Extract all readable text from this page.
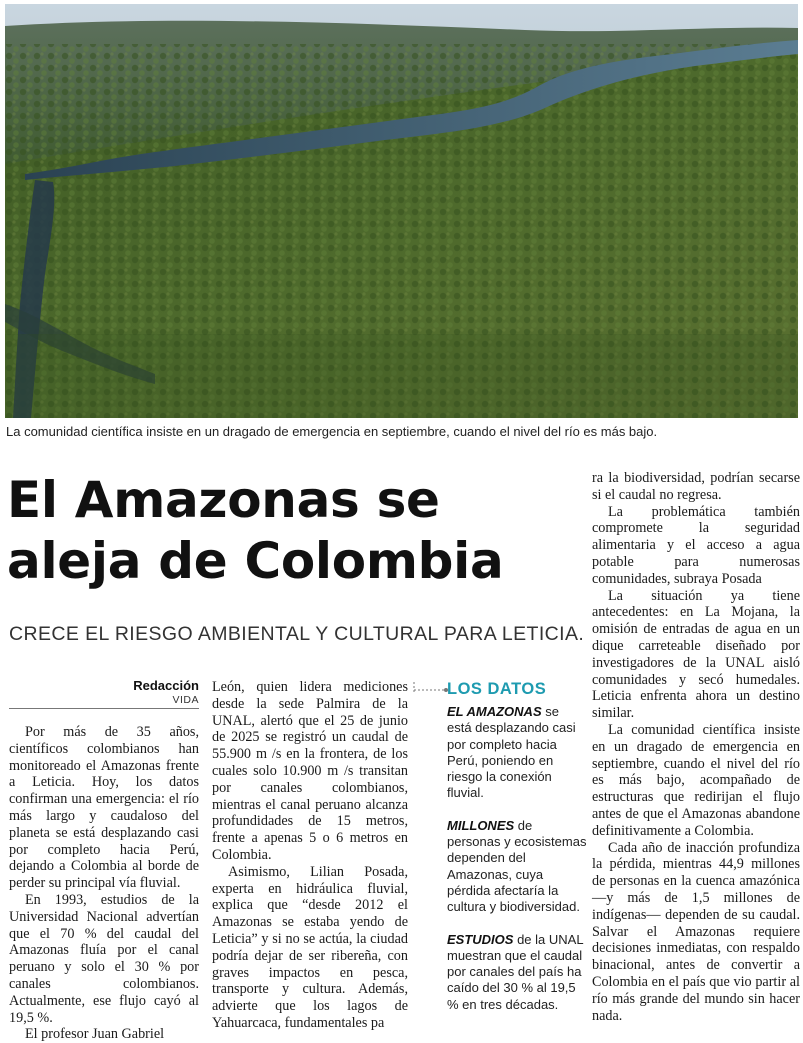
La comunidad científica insiste en un dragado de emergencia en septiembre, cuando el nivel del río es más bajo.
El Amazonas se
aleja de Colombia
CRECE EL RIESGO AMBIENTAL Y CULTURAL PARA LETICIA.
Redacción
VIDA

Por más de 35 años, científicos colombianos han monitoreado el Amazonas frente a Leticia. Hoy, los datos confirman una emergencia: el río más largo y caudaloso del planeta se está desplazando casi por completo hacia Perú, dejando a Colombia al borde de perder su principal vía fluvial.

En 1993, estudios de la Universidad Nacional advertían que el 70 % del caudal del Amazonas fluía por el canal peruano y solo el 30 % por canales colombianos. Actualmente, ese flujo cayó al 19,5 %.

El profesor Juan Gabriel

León, quien lidera mediciones desde la sede Palmira de la UNAL, alertó que el 25 de junio de 2025 se registró un caudal de 55.900 m /s en la frontera, de los cuales solo 10.900 m /s transitan por canales colombianos, mientras el canal peruano alcanza profundidades de 15 metros, frente a apenas 5 o 6 metros en Colombia.

Asimismo, Lilian Posada, experta en hidráulica fluvial, explica que “desde 2012 el Amazonas se estaba yendo de Leticia” y si no se actúa, la ciudad podría dejar de ser ribereña, con graves impactos en pesca, transporte y cultura. Además, advierte que los lagos de Yahuarcaca, fundamentales pa

LOS DATOS

EL AMAZONAS se está desplazando casi por completo hacia Perú, poniendo en riesgo la conexión fluvial.

MILLONES de personas y ecosistemas dependen del Amazonas, cuya pérdida afectaría la cultura y biodiversidad.

ESTUDIOS de la UNAL muestran que el caudal por canales del país ha caído del 30 % al 19,5 % en tres décadas.

ra la biodiversidad, podrían secarse si el caudal no regresa.

La problemática también compromete la seguridad alimentaria y el acceso a agua potable para numerosas comunidades, subraya Posada

La situación ya tiene antecedentes: en La Mojana, la omisión de entradas de agua en un dique carreteable diseñado por investigadores de la UNAL aisló comunidades y secó humedales. Leticia enfrenta ahora un destino similar.

La comunidad científica insiste en un dragado de emergencia en septiembre, cuando el nivel del río es más bajo, acompañado de estructuras que redirijan el flujo antes de que el Amazonas abandone definitivamente a Colombia.

Cada año de inacción profundiza la pérdida, mientras 44,9 millones de personas en la cuenca amazónica —y más de 1,5 millones de indígenas— dependen de su caudal. Salvar el Amazonas requiere decisiones inmediatas, con respaldo binacional, antes de convertir a Colombia en el país que vio partir al río más grande del mundo sin hacer nada.
